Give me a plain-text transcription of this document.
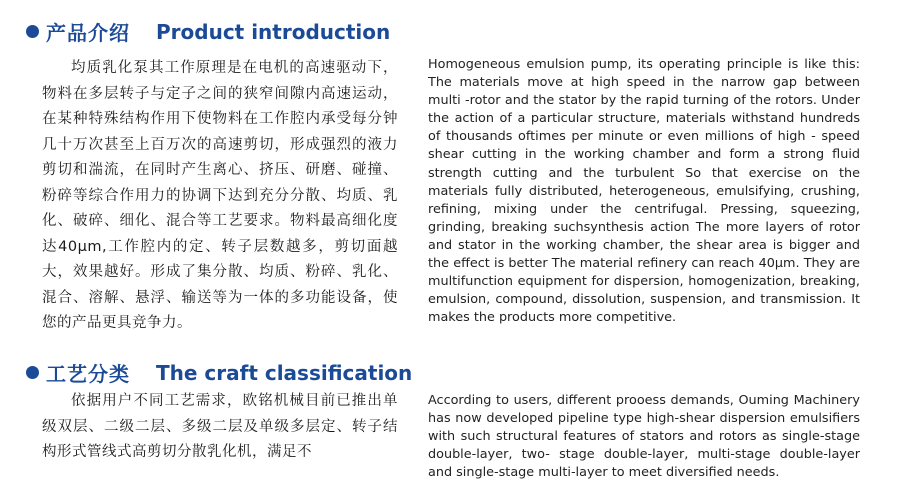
产品介绍 Product introduction

均质乳化泵其工作原理是在电机的高速驱动下，物料在多层转子与定子之间的狭窄间隙内高速运动，在某种特殊结构作用下使物料在工作腔内承受每分钟几十万次甚至上百万次的高速剪切，形成强烈的液力剪切和湍流，在同时产生离心、挤压、研磨、碰撞、粉碎等综合作用力的协调下达到充分分散、均质、乳化、破碎、细化、混合等工艺要求。物料最高细化度达40μm,工作腔内的定、转子层数越多，剪切面越大，效果越好。形成了集分散、均质、粉碎、乳化、混合、溶解、悬浮、输送等为一体的多功能设备，使您的产品更具竞争力。

Homogeneous emulsion pump, its operating principle is like this: The materials move at high speed in the narrow gap between multi -rotor and the stator by the rapid turning of the rotors. Under the action of a particular structure, materials withstand hundreds of thousands oftimes per minute or even millions of high - speed shear cutting in the working chamber and form a strong fluid strength cutting and the turbulent So that exercise on the materials fully distributed, heterogeneous, emulsifying, crushing, refining, mixing under the centrifugal. Pressing, squeezing, grinding, breaking suchsynthesis action The more layers of rotor and stator in the working chamber, the shear area is bigger and the effect is better The material refinery can reach 40μm. They are multifunction equipment for dispersion, homogenization, breaking, emulsion, compound, dissolution, suspension, and transmission. It makes the products more competitive.

工艺分类 The craft classification

依据用户不同工艺需求，欧铭机械目前已推出单级双层、二级二层、多级二层及单级多层定、转子结构形式管线式高剪切分散乳化机，满足不

According to users, different prooess demands, Ouming Machinery has now developed pipeline type high-shear dispersion emulsifiers with such structural features of stators and rotors as single-stage double-layer, two- stage double-layer, multi-stage double-layer and single-stage multi-layer to meet diversified needs.
